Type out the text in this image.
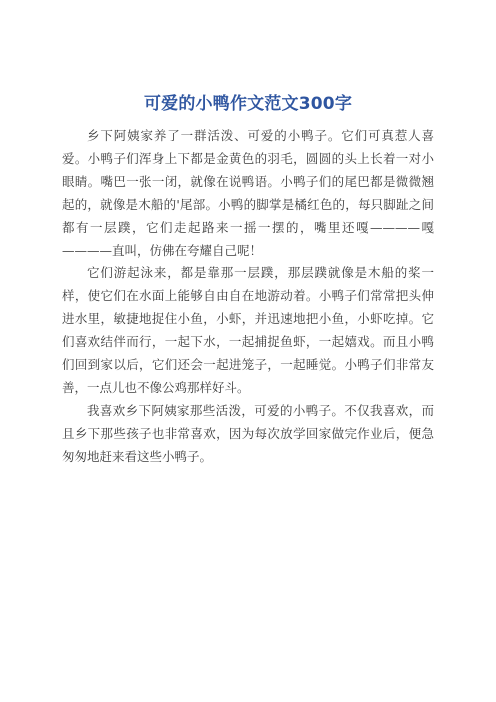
可爱的小鸭作文范文300字

乡下阿姨家养了一群活泼、可爱的小鸭子。它们可真惹人喜爱。小鸭子们浑身上下都是金黄色的羽毛，圆圆的头上长着一对小眼睛。嘴巴一张一闭，就像在说鸭语。小鸭子们的尾巴都是微微翘起的，就像是木船的'尾部。小鸭的脚掌是橘红色的，每只脚趾之间都有一层蹼，它们走起路来一摇一摆的，嘴里还嘎————嘎————直叫，仿佛在夸耀自己呢！

它们游起泳来，都是靠那一层蹼，那层蹼就像是木船的桨一样，使它们在水面上能够自由自在地游动着。小鸭子们常常把头伸进水里，敏捷地捉住小鱼，小虾，并迅速地把小鱼，小虾吃掉。它们喜欢结伴而行，一起下水，一起捕捉鱼虾，一起嬉戏。而且小鸭们回到家以后，它们还会一起进笼子，一起睡觉。小鸭子们非常友善，一点儿也不像公鸡那样好斗。

我喜欢乡下阿姨家那些活泼，可爱的小鸭子。不仅我喜欢，而且乡下那些孩子也非常喜欢，因为每次放学回家做完作业后，便急匆匆地赶来看这些小鸭子。
